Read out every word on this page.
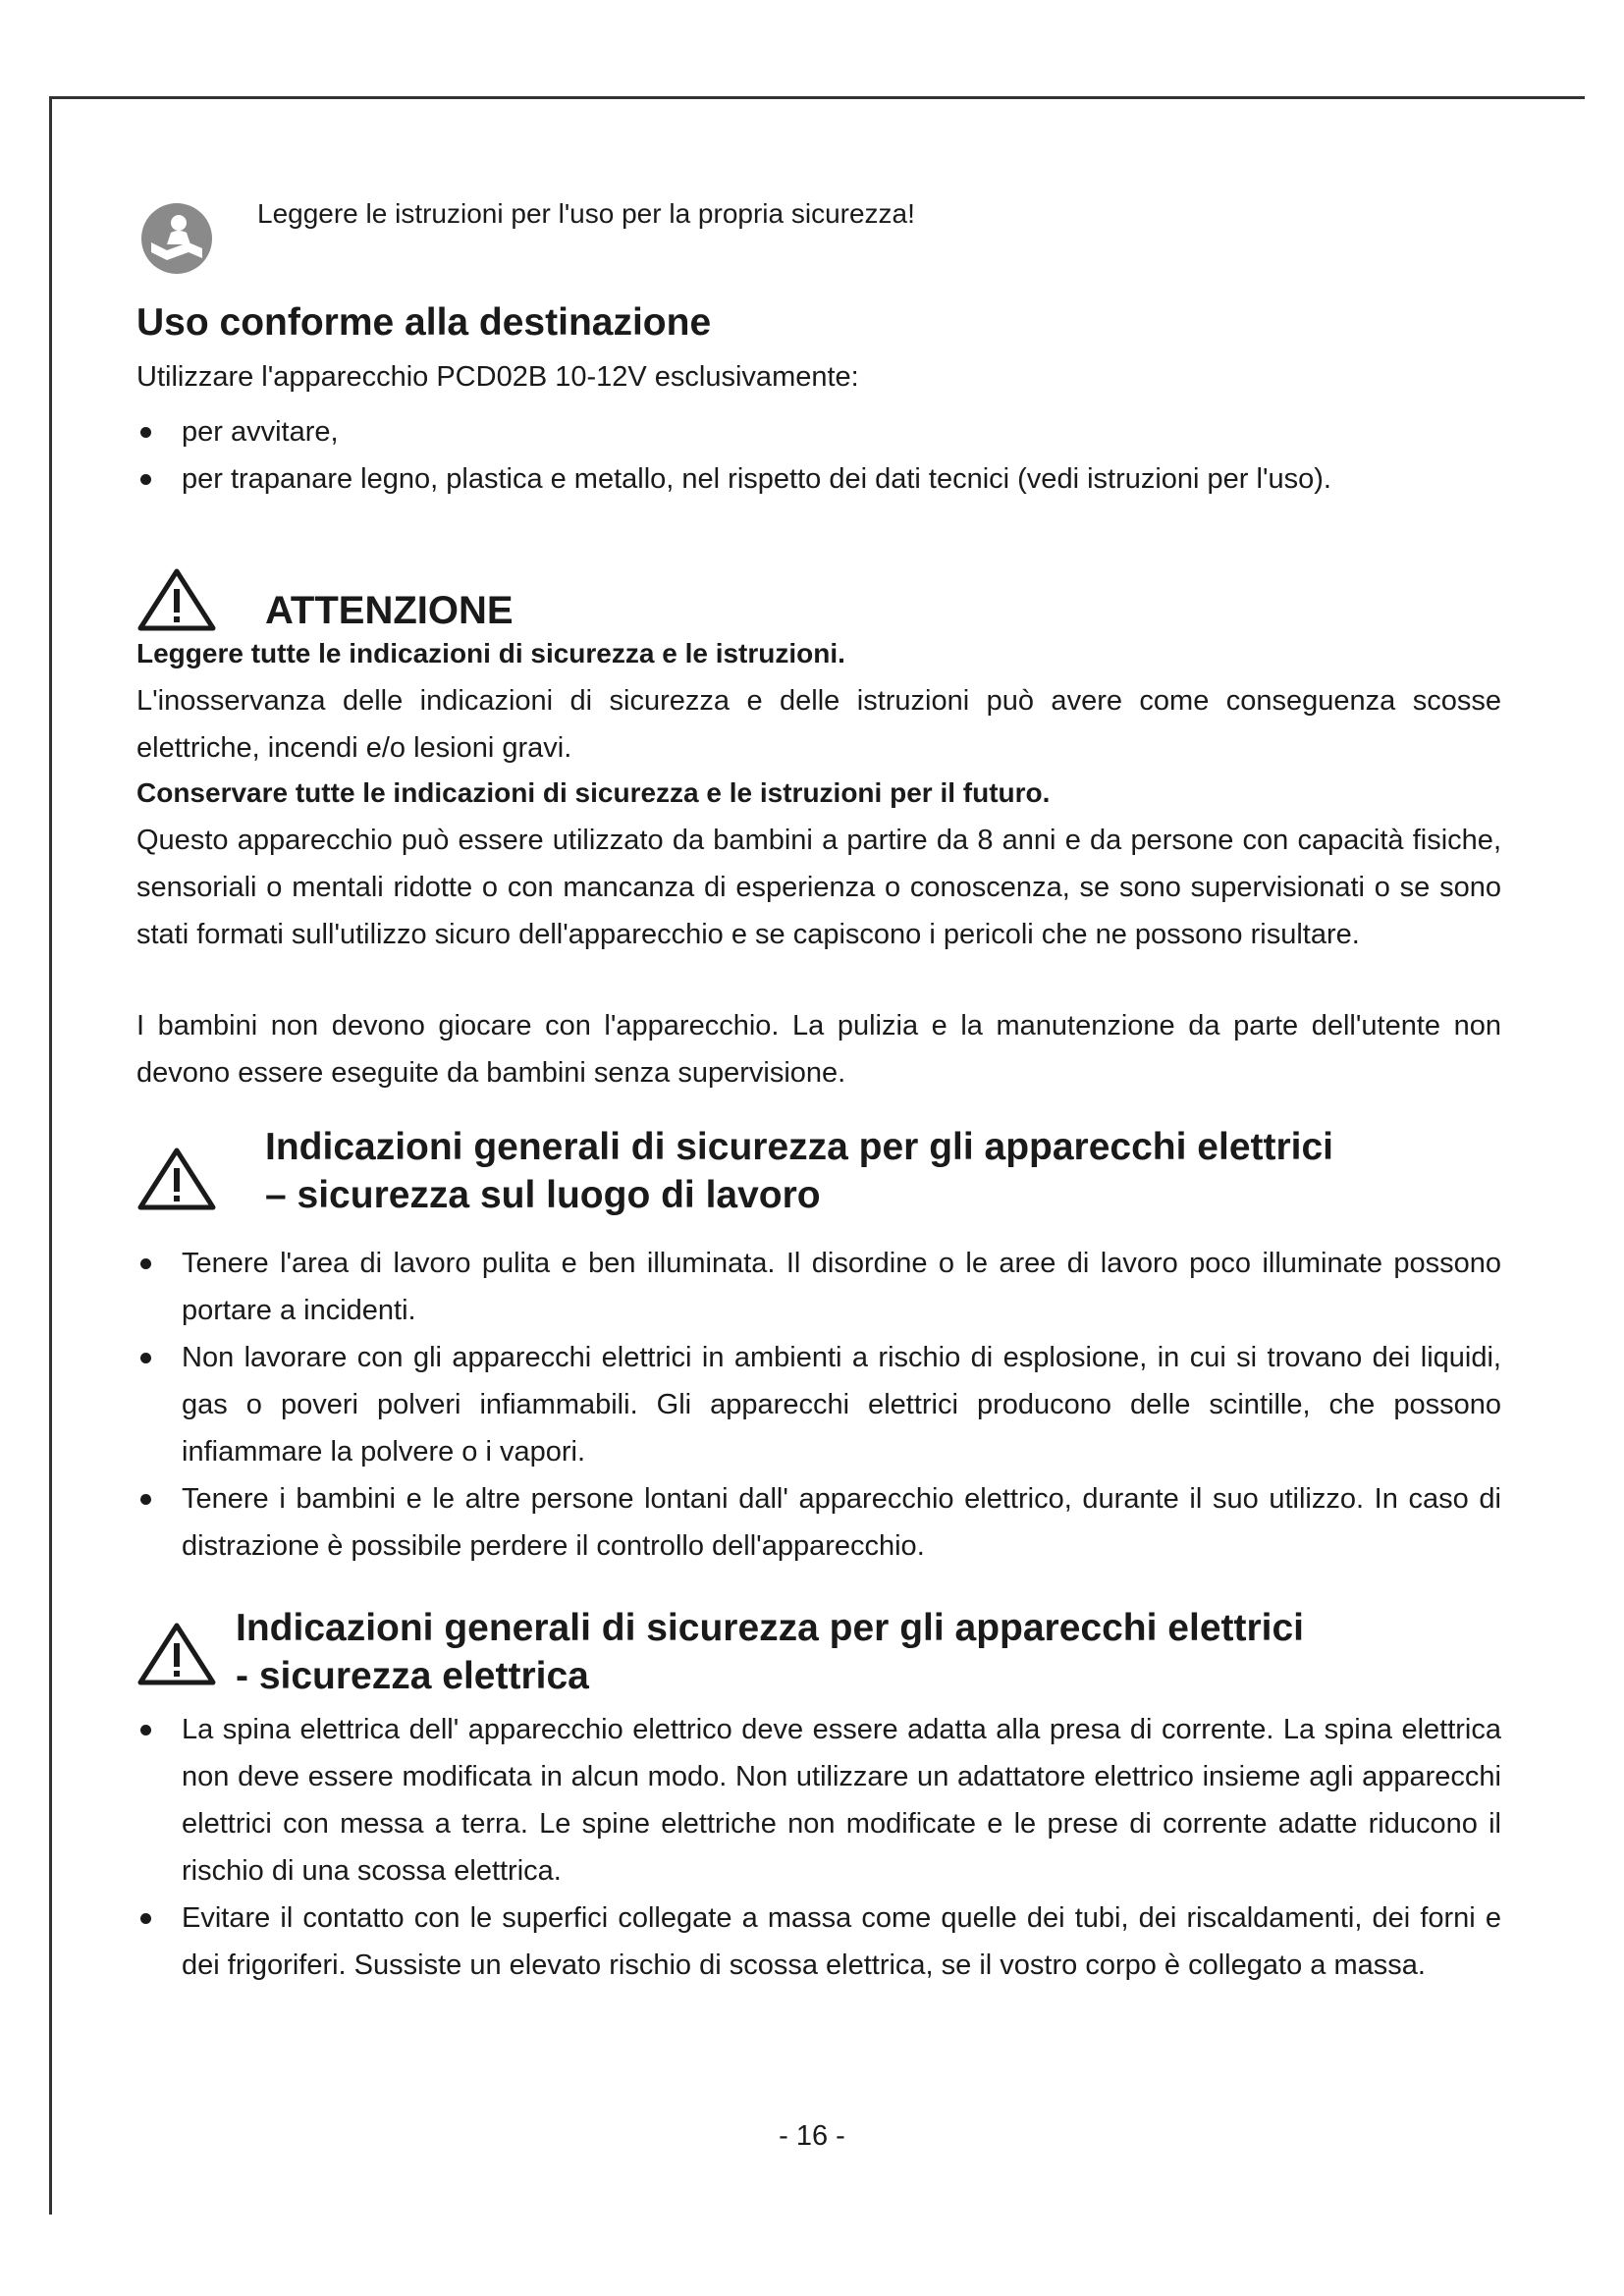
Leggere le istruzioni per l'uso per la propria sicurezza!
Uso conforme alla destinazione
Utilizzare l'apparecchio PCD02B 10-12V esclusivamente:
per avvitare,
per trapanare legno, plastica e metallo, nel rispetto dei dati tecnici (vedi istruzioni per l'uso).
ATTENZIONE
Leggere tutte le indicazioni di sicurezza e le istruzioni.
L'inosservanza delle indicazioni di sicurezza e delle istruzioni può avere come conseguenza scosse elettriche, incendi e/o lesioni gravi.
Conservare tutte le indicazioni di sicurezza e le istruzioni per il futuro.
Questo apparecchio può essere utilizzato da bambini a partire da 8 anni e da persone con capacità fisiche, sensoriali o mentali ridotte o con mancanza di esperienza o conoscenza, se sono supervisionati o se sono stati formati sull'utilizzo sicuro dell'apparecchio e se capiscono i pericoli che ne possono risultare.
I bambini non devono giocare con l'apparecchio. La pulizia e la manutenzione da parte dell'utente non devono essere eseguite da bambini senza supervisione.
Indicazioni generali di sicurezza per gli apparecchi elettrici
– sicurezza sul luogo di lavoro
Tenere l'area di lavoro pulita e ben illuminata. Il disordine o le aree di lavoro poco illuminate possono portare a incidenti.
Non lavorare con gli apparecchi elettrici in ambienti a rischio di esplosione, in cui si trovano dei liquidi, gas o poveri polveri infiammabili. Gli apparecchi elettrici producono delle scintille, che possono infiammare la polvere o i vapori.
Tenere i bambini e le altre persone lontani dall' apparecchio elettrico, durante il suo utilizzo. In caso di distrazione è possibile perdere il controllo dell'apparecchio.
Indicazioni generali di sicurezza per gli apparecchi elettrici
- sicurezza elettrica
La spina elettrica dell' apparecchio elettrico deve essere adatta alla presa di corrente. La spina elettrica non deve essere modificata in alcun modo. Non utilizzare un adattatore elettrico insieme agli apparecchi elettrici con messa a terra. Le spine elettriche non modificate e le prese di corrente adatte riducono il rischio di una scossa elettrica.
Evitare il contatto con le superfici collegate a massa come quelle dei tubi, dei riscaldamenti, dei forni e dei frigoriferi. Sussiste un elevato rischio di scossa elettrica, se il vostro corpo è collegato a massa.
- 16 -
